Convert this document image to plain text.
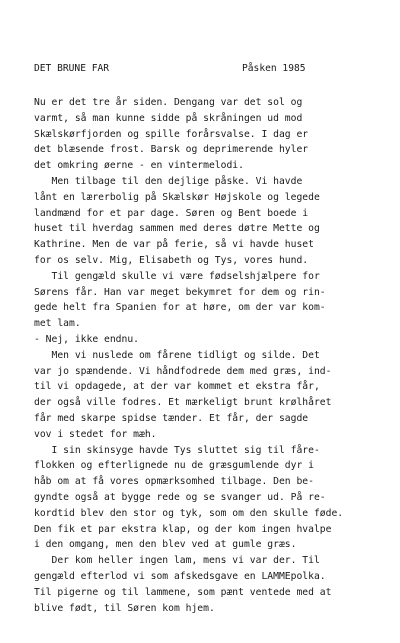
DET BRUNE FAR	Påsken 1985
Nu er det tre år siden. Dengang var det sol og
varmt, så man kunne sidde på skråningen ud mod
Skælskørfjorden og spille forårsvalse. I dag er
det blæsende frost. Barsk og deprimerende hyler
det omkring øerne - en vintermelodi.
Men tilbage til den dejlige påske. Vi havde
lånt en lærerbolig på Skælskør Højskole og legede
landmænd for et par dage. Søren og Bent boede i
huset til hverdag sammen med deres døtre Mette og
Kathrine. Men de var på ferie, så vi havde huset
for os selv. Mig, Elisabeth og Tys, vores hund.
Til gengæld skulle vi være fødselshjælpere for
Sørens får. Han var meget bekymret for dem og rin-
gede helt fra Spanien for at høre, om der var kom-
met lam.
- Nej, ikke endnu.
Men vi nuslede om fårene tidligt og silde. Det
var jo spændende. Vi håndfodrede dem med græs, ind-
til vi opdagede, at der var kommet et ekstra får,
der også ville fodres. Et mærkeligt brunt krølhåret
får med skarpe spidse tænder. Et får, der sagde
vov i stedet for mæh.
I sin skinsyge havde Tys sluttet sig til fåre-
flokken og efterlignede nu de græsgumlende dyr i
håb om at få vores opmærksomhed tilbage. Den be-
gyndte også at bygge rede og se svanger ud. På re-
kordtid blev den stor og tyk, som om den skulle føde.
Den fik et par ekstra klap, og der kom ingen hvalpe
i den omgang, men den blev ved at gumle græs.
Der kom heller ingen lam, mens vi var der. Til
gengæld efterlod vi som afskedsgave en LAMMEpolka.
Til pigerne og til lammene, som pænt ventede med at
blive født, til Søren kom hjem.
